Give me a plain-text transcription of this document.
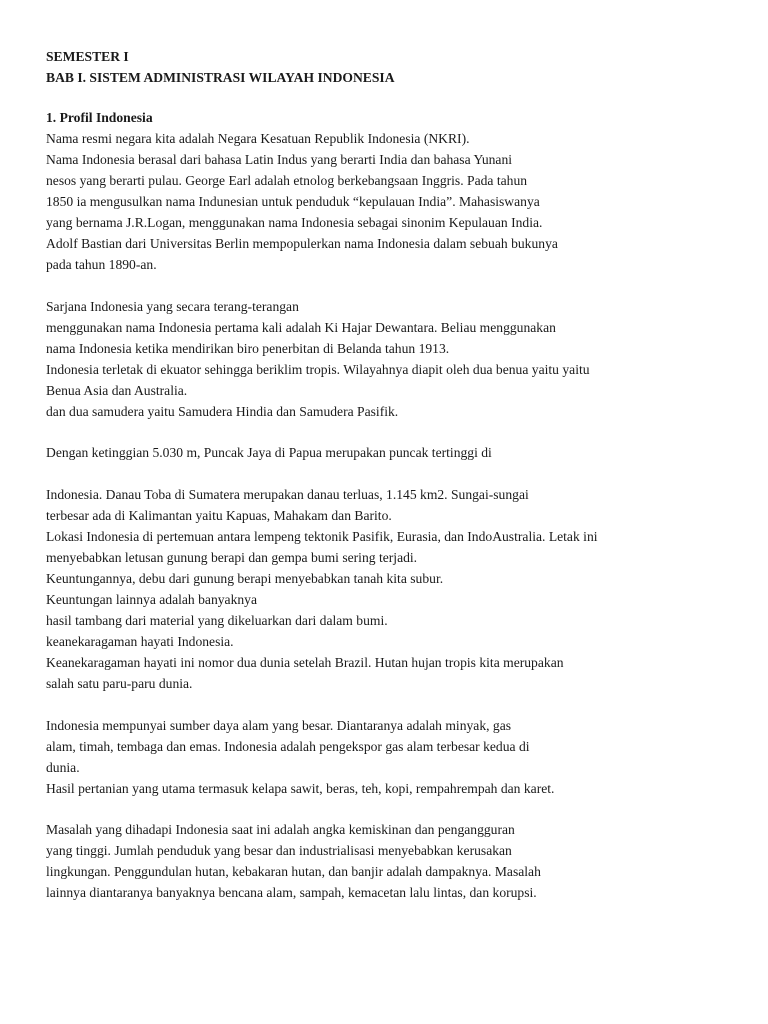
SEMESTER I
BAB I. SISTEM ADMINISTRASI WILAYAH INDONESIA
1. Profil Indonesia
Nama resmi negara kita adalah Negara Kesatuan Republik Indonesia (NKRI).
Nama Indonesia berasal dari bahasa Latin Indus yang berarti India dan bahasa Yunani
nesos yang berarti pulau. George Earl adalah etnolog berkebangsaan Inggris. Pada tahun
1850 ia mengusulkan nama Indunesian untuk penduduk “kepulauan India”. Mahasiswanya
yang bernama J.R.Logan, menggunakan nama Indonesia sebagai sinonim Kepulauan India.
Adolf Bastian dari Universitas Berlin mempopulerkan nama Indonesia dalam sebuah bukunya
pada tahun 1890-an.
Sarjana Indonesia yang secara terang-terangan
menggunakan nama Indonesia pertama kali adalah Ki Hajar Dewantara. Beliau menggunakan
nama Indonesia ketika mendirikan biro penerbitan di Belanda tahun 1913.
Indonesia terletak di ekuator sehingga beriklim tropis. Wilayahnya diapit oleh dua benua yaitu yaitu
Benua Asia dan Australia.
dan dua samudera yaitu Samudera Hindia dan Samudera Pasifik.
Dengan ketinggian 5.030 m, Puncak Jaya di Papua merupakan puncak tertinggi di
Indonesia. Danau Toba di Sumatera merupakan danau terluas, 1.145 km2. Sungai-sungai
terbesar ada di Kalimantan yaitu Kapuas, Mahakam dan Barito.
Lokasi Indonesia di pertemuan antara lempeng tektonik Pasifik, Eurasia, dan IndoAustralia. Letak ini
menyebabkan letusan gunung berapi dan gempa bumi sering terjadi.
Keuntungannya, debu dari gunung berapi menyebabkan tanah kita subur.
Keuntungan lainnya adalah banyaknya
hasil tambang dari material yang dikeluarkan dari dalam bumi.
keanekaragaman hayati Indonesia.
Keanekaragaman hayati ini nomor dua dunia setelah Brazil. Hutan hujan tropis kita merupakan
salah satu paru-paru dunia.
Indonesia mempunyai sumber daya alam yang besar. Diantaranya adalah minyak, gas
alam, timah, tembaga dan emas. Indonesia adalah pengekspor gas alam terbesar kedua di
dunia.
Hasil pertanian yang utama termasuk kelapa sawit, beras, teh, kopi, rempahrempah dan karet.
Masalah yang dihadapi Indonesia saat ini adalah angka kemiskinan dan pengangguran
yang tinggi. Jumlah penduduk yang besar dan industrialisasi menyebabkan kerusakan
lingkungan. Penggundulan hutan, kebakaran hutan, dan banjir adalah dampaknya. Masalah
lainnya diantaranya banyaknya bencana alam, sampah, kemacetan lalu lintas, dan korupsi.
